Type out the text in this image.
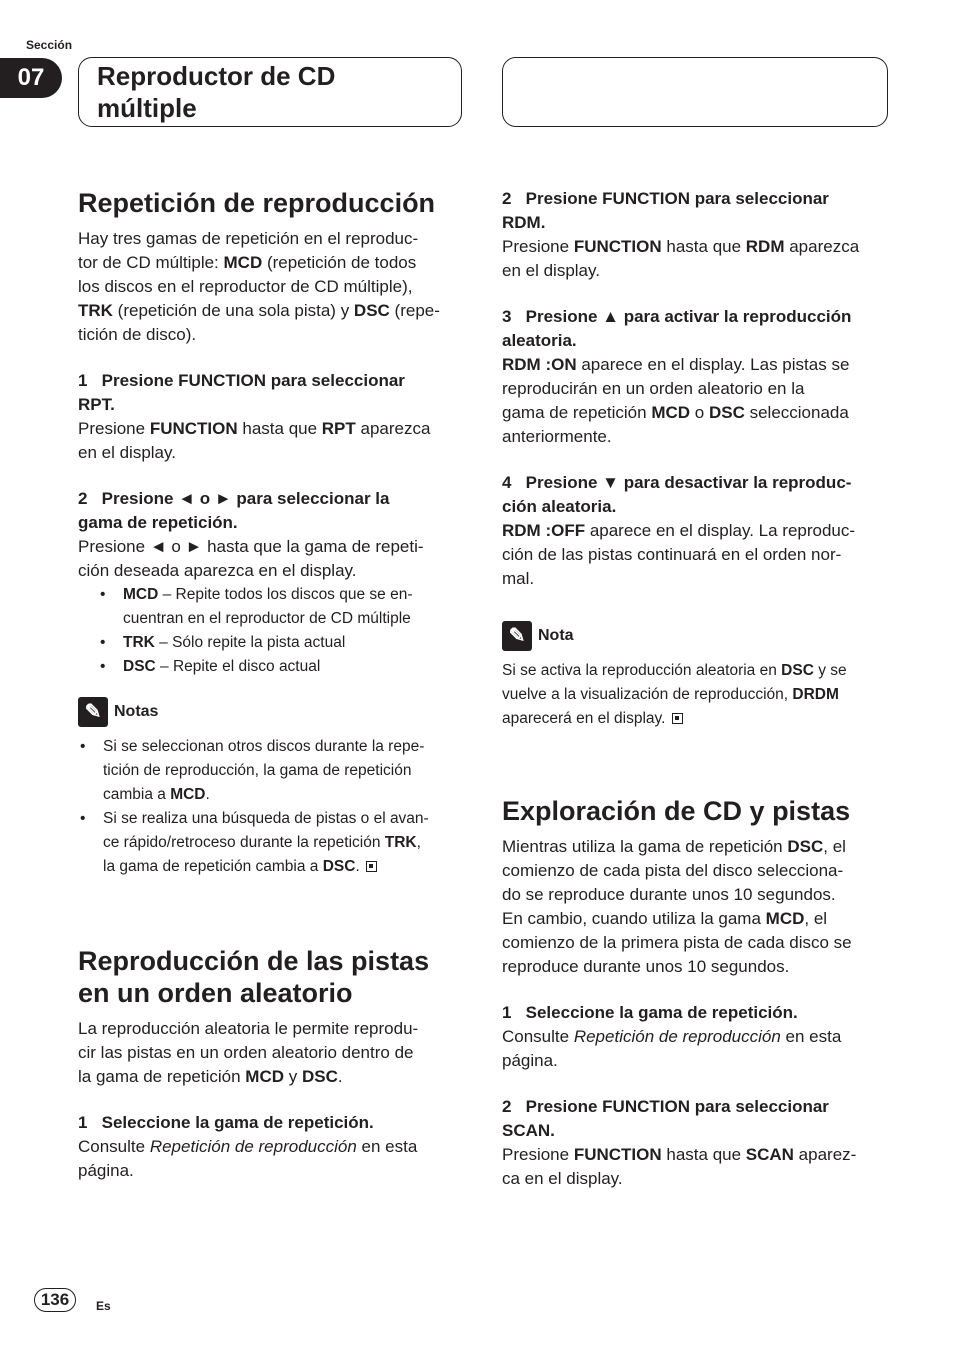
Sección
07	Reproductor de CD
múltiple
Repetición de reproducción

Hay tres gamas de repetición en el reproduc-
tor de CD múltiple: MCD (repetición de todos
los discos en el reproductor de CD múltiple),
TRK (repetición de una sola pista) y DSC (repe-
tición de disco).

1 Presione FUNCTION para seleccionar
RPT.

Presione FUNCTION hasta que RPT aparezca
en el display.

2 Presione ◄ o ► para seleccionar la
gama de repetición.

Presione ◄ o ► hasta que la gama de repeti-
ción deseada aparezca en el display.

• MCD – Repite todos los discos que se en-
cuentran en el reproductor de CD múltiple
• TRK – Sólo repite la pista actual
• DSC – Repite el disco actual
✎ Notas
• Si se seleccionan otros discos durante la repe-
tición de reproducción, la gama de repetición
cambia a MCD.
• Si se realiza una búsqueda de pistas o el avan-
ce rápido/retroceso durante la repetición TRK,
la gama de repetición cambia a DSC.
Reproducción de las pistas
en un orden aleatorio

La reproducción aleatoria le permite reprodu-
cir las pistas en un orden aleatorio dentro de
la gama de repetición MCD y DSC.

1 Seleccione la gama de repetición.

Consulte Repetición de reproducción en esta
página.

2 Presione FUNCTION para seleccionar
RDM.

Presione FUNCTION hasta que RDM aparezca
en el display.

3 Presione ▲ para activar la reproducción
aleatoria.

RDM :ON aparece en el display. Las pistas se
reproducirán en un orden aleatorio en la
gama de repetición MCD o DSC seleccionada
anteriormente.

4 Presione ▼ para desactivar la reproduc-
ción aleatoria.

RDM :OFF aparece en el display. La reproduc-
ción de las pistas continuará en el orden nor-
mal.

✎ Nota

Si se activa la reproducción aleatoria en DSC y se
vuelve a la visualización de reproducción, DRDM
aparecerá en el display.

Exploración de CD y pistas

Mientras utiliza la gama de repetición DSC, el
comienzo de cada pista del disco selecciona-
do se reproduce durante unos 10 segundos.
En cambio, cuando utiliza la gama MCD, el
comienzo de la primera pista de cada disco se
reproduce durante unos 10 segundos.

1 Seleccione la gama de repetición.

Consulte Repetición de reproducción en esta
página.

2 Presione FUNCTION para seleccionar
SCAN.

Presione FUNCTION hasta que SCAN aparez-
ca en el display.

136	Es
